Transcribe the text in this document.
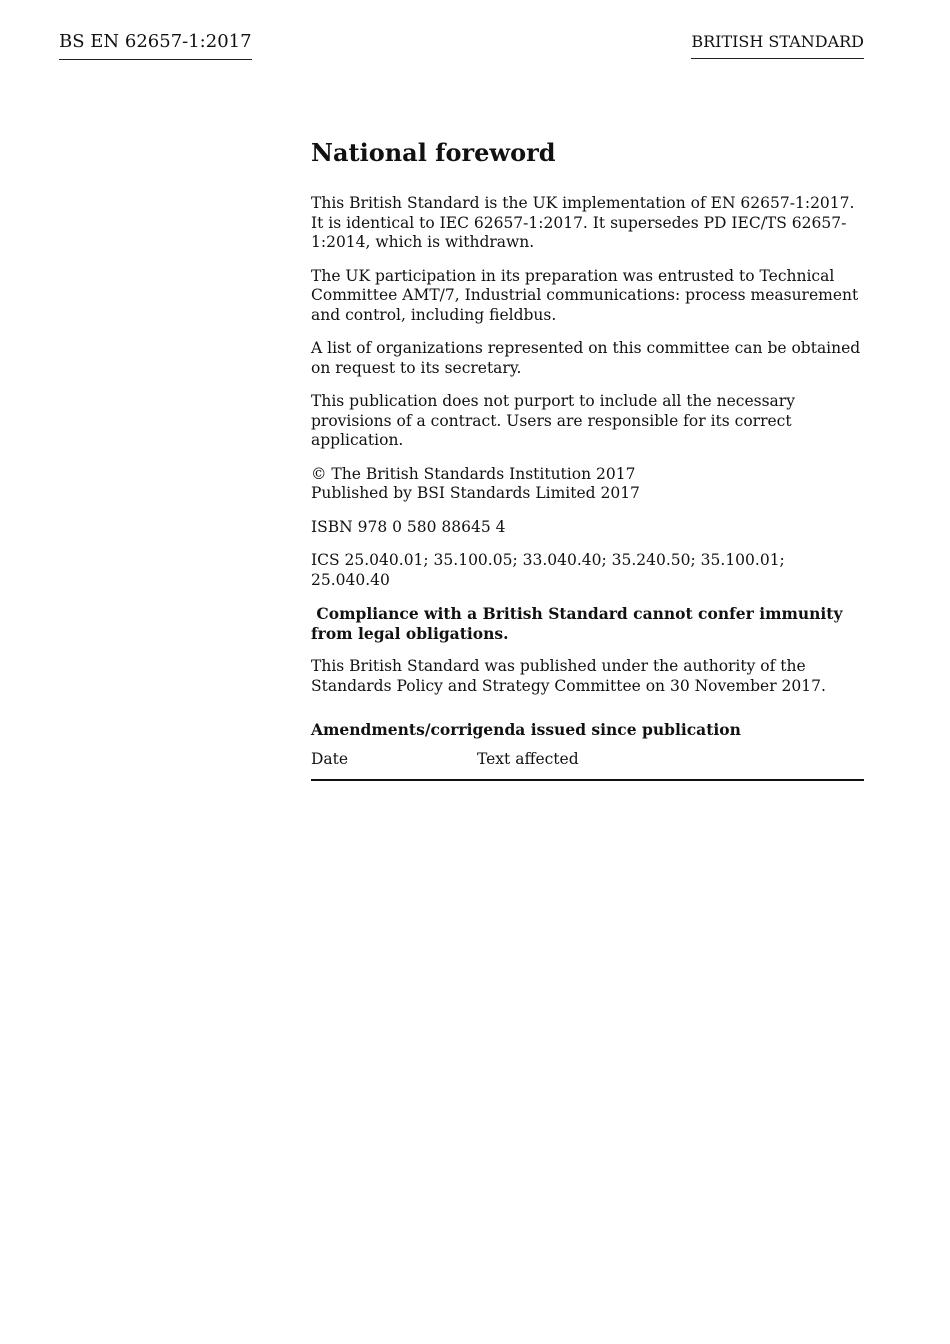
BS EN 62657-1:2017	BRITISH STANDARD
National foreword

This British Standard is the UK implementation of EN 62657-1:2017. It is identical to IEC 62657-1:2017. It supersedes PD IEC/TS 62657-1:2014, which is withdrawn.

The UK participation in its preparation was entrusted to Technical Committee AMT/7, Industrial communications: process measurement and control, including fieldbus.

A list of organizations represented on this committee can be obtained on request to its secretary.

This publication does not purport to include all the necessary provisions of a contract. Users are responsible for its correct application.

© The British Standards Institution 2017
Published by BSI Standards Limited 2017

ISBN 978 0 580 88645 4

ICS 25.040.01; 35.100.05; 33.040.40; 35.240.50; 35.100.01; 25.040.40

Compliance with a British Standard cannot confer immunity from legal obligations.

This British Standard was published under the authority of the Standards Policy and Strategy Committee on 30 November 2017.

Amendments/corrigenda issued since publication
Date	Text affected
